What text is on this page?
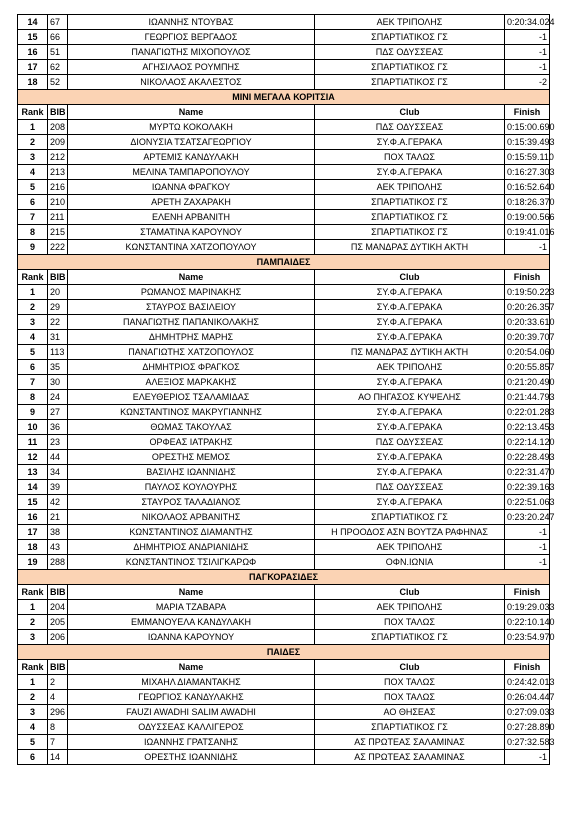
14	67	ΙΩΑΝΝΗΣ ΝΤΟΥΒΑΣ	ΑΕΚ ΤΡΙΠΟΛΗΣ	0:20:34.024
15	66	ΓΕΩΡΓΙΟΣ ΒΕΡΓΑΔΟΣ	ΣΠΑΡΤΙΑΤΙΚΟΣ ΓΣ	-1
16	51	ΠΑΝΑΓΙΩΤΗΣ ΜΙΧΟΠΟΥΛΟΣ	ΠΔΣ ΟΔΥΣΣΕΑΣ	-1
17	62	ΑΓΗΣΙΛΑΟΣ ΡΟΥΜΠΗΣ	ΣΠΑΡΤΙΑΤΙΚΟΣ ΓΣ	-1
18	52	ΝΙΚΟΛΑΟΣ ΑΚΑΛΕΣΤΟΣ	ΣΠΑΡΤΙΑΤΙΚΟΣ ΓΣ	-2
ΜΙΝΙ ΜΕΓΑΛΑ ΚΟΡΙΤΣΙΑ				
Rank	BIB	Name	Club	Finish
1	208	ΜΥΡΤΩ ΚΟΚΟΛΑΚΗ	ΠΔΣ ΟΔΥΣΣΕΑΣ	0:15:00.690
2	209	ΔΙΟΝΥΣΙΑ ΤΣΑΤΣΑΓΕΩΡΓΙΟΥ	ΣΥ.Φ.Α.ΓΕΡΑΚΑ	0:15:39.493
3	212	ΑΡΤΕΜΙΣ ΚΑΝΔΥΛΑΚΗ	ΠΟΧ ΤΑΛΩΣ	0:15:59.110
4	213	ΜΕΛΙΝΑ ΤΑΜΠΑΡΟΠΟΥΛΟΥ	ΣΥ.Φ.Α.ΓΕΡΑΚΑ	0:16:27.303
5	216	ΙΩΑΝΝΑ ΦΡΑΓΚΟΥ	ΑΕΚ ΤΡΙΠΟΛΗΣ	0:16:52.640
6	210	ΑΡΕΤΗ ΖΑΧΑΡΑΚΗ	ΣΠΑΡΤΙΑΤΙΚΟΣ ΓΣ	0:18:26.370
7	211	ΕΛΕΝΗ ΑΡΒΑΝΙΤΗ	ΣΠΑΡΤΙΑΤΙΚΟΣ ΓΣ	0:19:00.566
8	215	ΣΤΑΜΑΤΙΝΑ ΚΑΡΟΥΝΟΥ	ΣΠΑΡΤΙΑΤΙΚΟΣ ΓΣ	0:19:41.016
9	222	ΚΩΝΣΤΑΝΤΙΝΑ ΧΑΤΖΟΠΟΥΛΟΥ	ΠΣ ΜΑΝΔΡΑΣ ΔΥΤΙΚΗ ΑΚΤΗ	-1
ΠΑΜΠΑΙΔΕΣ				
Rank	BIB	Name	Club	Finish
1	20	ΡΩΜΑΝΟΣ ΜΑΡΙΝΑΚΗΣ	ΣΥ.Φ.Α.ΓΕΡΑΚΑ	0:19:50.223
2	29	ΣΤΑΥΡΟΣ ΒΑΣΙΛΕΙΟΥ	ΣΥ.Φ.Α.ΓΕΡΑΚΑ	0:20:26.357
3	22	ΠΑΝΑΓΙΩΤΗΣ ΠΑΠΑΝΙΚΟΛΑΚΗΣ	ΣΥ.Φ.Α.ΓΕΡΑΚΑ	0:20:33.610
4	31	ΔΗΜΗΤΡΗΣ ΜΑΡΗΣ	ΣΥ.Φ.Α.ΓΕΡΑΚΑ	0:20:39.707
5	113	ΠΑΝΑΓΙΩΤΗΣ ΧΑΤΖΟΠΟΥΛΟΣ	ΠΣ ΜΑΝΔΡΑΣ ΔΥΤΙΚΗ ΑΚΤΗ	0:20:54.060
6	35	ΔΗΜΗΤΡΙΟΣ ΦΡΑΓΚΟΣ	ΑΕΚ ΤΡΙΠΟΛΗΣ	0:20:55.857
7	30	ΑΛΕΞΙΟΣ ΜΑΡΚΑΚΗΣ	ΣΥ.Φ.Α.ΓΕΡΑΚΑ	0:21:20.490
8	24	ΕΛΕΥΘΕΡΙΟΣ ΤΣΑΛΑΜΙΔΑΣ	ΑΟ ΠΗΓΑΣΟΣ ΚΥΨΕΛΗΣ	0:21:44.793
9	27	ΚΩΝΣΤΑΝΤΙΝΟΣ ΜΑΚΡΥΓΙΑΝΝΗΣ	ΣΥ.Φ.Α.ΓΕΡΑΚΑ	0:22:01.283
10	36	ΘΩΜΑΣ ΤΑΚΟΥΛΑΣ	ΣΥ.Φ.Α.ΓΕΡΑΚΑ	0:22:13.453
11	23	ΟΡΦΕΑΣ ΙΑΤΡΑΚΗΣ	ΠΔΣ ΟΔΥΣΣΕΑΣ	0:22:14.120
12	44	ΟΡΕΣΤΗΣ ΜΕΜΟΣ	ΣΥ.Φ.Α.ΓΕΡΑΚΑ	0:22:28.493
13	34	ΒΑΣΙΛΗΣ ΙΩΑΝΝΙΔΗΣ	ΣΥ.Φ.Α.ΓΕΡΑΚΑ	0:22:31.470
14	39	ΠΑΥΛΟΣ ΚΟΥΛΟΥΡΗΣ	ΠΔΣ ΟΔΥΣΣΕΑΣ	0:22:39.163
15	42	ΣΤΑΥΡΟΣ ΤΑΛΑΔΙΑΝΟΣ	ΣΥ.Φ.Α.ΓΕΡΑΚΑ	0:22:51.063
16	21	ΝΙΚΟΛΑΟΣ ΑΡΒΑΝΙΤΗΣ	ΣΠΑΡΤΙΑΤΙΚΟΣ ΓΣ	0:23:20.247
17	38	ΚΩΝΣΤΑΝΤΙΝΟΣ ΔΙΑΜΑΝΤΗΣ	Η ΠΡΟΟΔΟΣ ΑΣΝ ΒΟΥΤΖΑ ΡΑΦΗΝΑΣ	-1
18	43	ΔΗΜΗΤΡΙΟΣ ΑΝΔΡΙΑΝΙΔΗΣ	ΑΕΚ ΤΡΙΠΟΛΗΣ	-1
19	288	ΚΩΝΣΤΑΝΤΙΝΟΣ ΤΣΙΛΙΓΚΑΡΩΦ	ΟΦΝ.ΙΩΝΙΑ	-1
ΠΑΓΚΟΡΑΣΙΔΕΣ				
Rank	BIB	Name	Club	Finish
1	204	ΜΑΡΙΑ ΤΖΑΒΑΡΑ	ΑΕΚ ΤΡΙΠΟΛΗΣ	0:19:29.033
2	205	ΕΜΜΑΝΟΥΕΛΑ ΚΑΝΔΥΛΑΚΗ	ΠΟΧ ΤΑΛΩΣ	0:22:10.140
3	206	ΙΩΑΝΝΑ ΚΑΡΟΥΝΟΥ	ΣΠΑΡΤΙΑΤΙΚΟΣ ΓΣ	0:23:54.970
ΠΑΙΔΕΣ				
Rank	BIB	Name	Club	Finish
1	2	ΜΙΧΑΗΛ ΔΙΑΜΑΝΤΑΚΗΣ	ΠΟΧ ΤΑΛΩΣ	0:24:42.013
2	4	ΓΕΩΡΓΙΟΣ ΚΑΝΔΥΛΑΚΗΣ	ΠΟΧ ΤΑΛΩΣ	0:26:04.447
3	296	FAUZI AWADHI SALIM AWADHI	ΑΟ ΘΗΣΕΑΣ	0:27:09.033
4	8	ΟΔΥΣΣΕΑΣ ΚΑΛΛΙΓΕΡΟΣ	ΣΠΑΡΤΙΑΤΙΚΟΣ ΓΣ	0:27:28.890
5	7	ΙΩΑΝΝΗΣ ΓΡΑΤΣΑΝΗΣ	ΑΣ ΠΡΩΤΕΑΣ ΣΑΛΑΜΙΝΑΣ	0:27:32.583
6	14	ΟΡΕΣΤΗΣ ΙΩΑΝΝΙΔΗΣ	ΑΣ ΠΡΩΤΕΑΣ ΣΑΛΑΜΙΝΑΣ	-1
